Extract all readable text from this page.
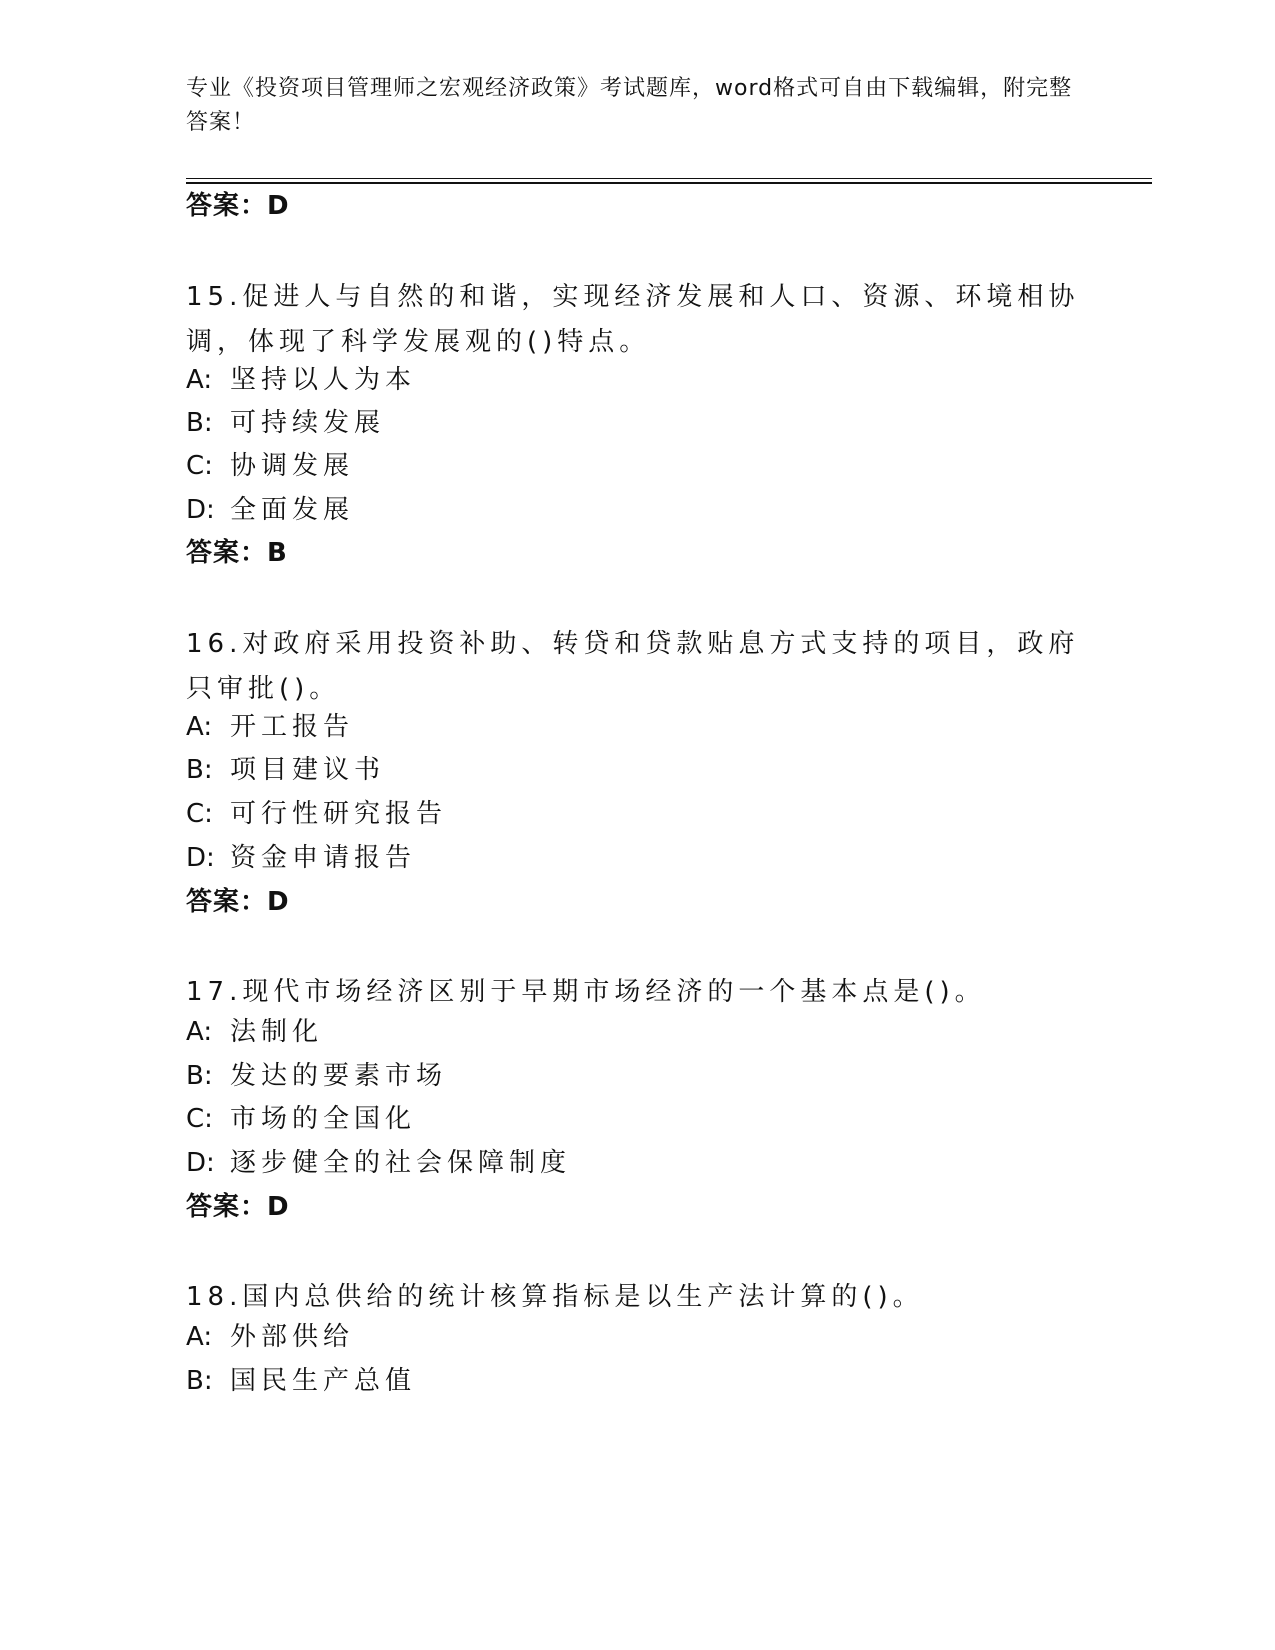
专业《投资项目管理师之宏观经济政策》考试题库，word格式可自由下载编辑，附完整答案！
答案：D
15.促进人与自然的和谐，实现经济发展和人口、资源、环境相协调，体现了科学发展观的()特点。
A: 坚持以人为本
B: 可持续发展
C: 协调发展
D: 全面发展
答案：B
16.对政府采用投资补助、转贷和贷款贴息方式支持的项目，政府只审批()。
A: 开工报告
B: 项目建议书
C: 可行性研究报告
D: 资金申请报告
答案：D
17.现代市场经济区别于早期市场经济的一个基本点是()。
A: 法制化
B: 发达的要素市场
C: 市场的全国化
D: 逐步健全的社会保障制度
答案：D
18.国内总供给的统计核算指标是以生产法计算的()。
A: 外部供给
B: 国民生产总值
